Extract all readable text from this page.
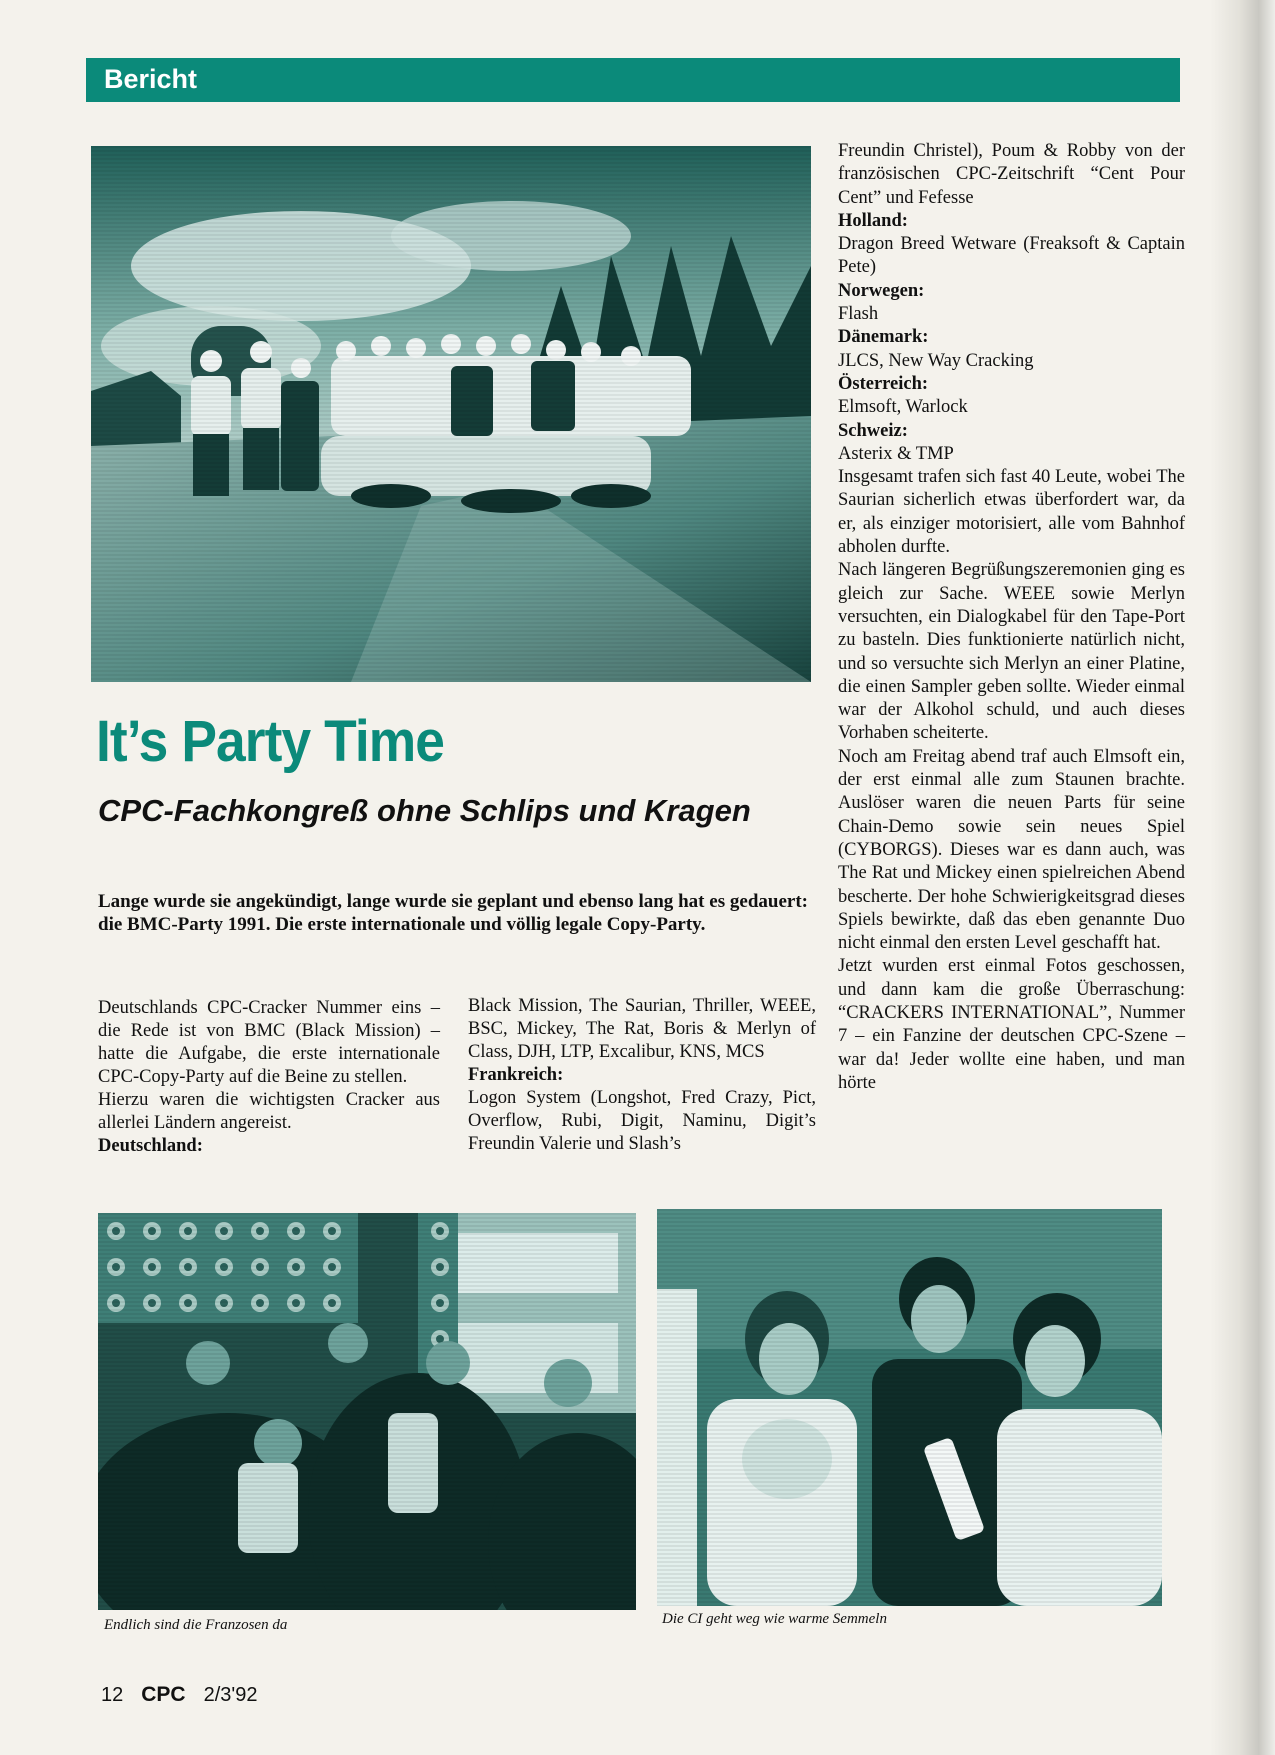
Bericht
It’s Party Time
CPC-Fachkongreß ohne Schlips und Kragen
Lange wurde sie angekündigt, lange wurde sie geplant und ebenso lang hat es gedauert: die BMC-Party 1991. Die erste internationale und völlig legale Copy-Party.

Deutschlands CPC-Cracker Nummer eins – die Rede ist von BMC (Black Mission) – hatte die Aufgabe, die erste internationale CPC-Copy-Party auf die Beine zu stellen.

Hierzu waren die wichtigsten Cracker aus allerlei Ländern angereist.

Deutschland:

Black Mission, The Saurian, Thriller, WEEE, BSC, Mickey, The Rat, Boris & Merlyn of Class, DJH, LTP, Excalibur, KNS, MCS

Frankreich:

Logon System (Longshot, Fred Crazy, Pict, Overflow, Rubi, Digit, Naminu, Digit’s Freundin Valerie und Slash’s

Freundin Christel), Poum & Robby von der französischen CPC-Zeitschrift “Cent Pour Cent” und Fefesse

Holland:

Dragon Breed Wetware (Freaksoft & Captain Pete)

Norwegen:

Flash

Dänemark:

JLCS, New Way Cracking

Österreich:

Elmsoft, Warlock

Schweiz:

Asterix & TMP

Insgesamt trafen sich fast 40 Leute, wobei The Saurian sicherlich etwas überfordert war, da er, als einziger motorisiert, alle vom Bahnhof abholen durfte.

Nach längeren Begrüßungszeremonien ging es gleich zur Sache. WEEE sowie Merlyn versuchten, ein Dialogkabel für den Tape-Port zu basteln. Dies funktionierte natürlich nicht, und so versuchte sich Merlyn an einer Platine, die einen Sampler geben sollte. Wieder einmal war der Alkohol schuld, und auch dieses Vorhaben scheiterte.

Noch am Freitag abend traf auch Elmsoft ein, der erst einmal alle zum Staunen brachte. Auslöser waren die neuen Parts für seine Chain-Demo sowie sein neues Spiel (CYBORGS). Dieses war es dann auch, was The Rat und Mickey einen spielreichen Abend bescherte. Der hohe Schwierigkeitsgrad dieses Spiels bewirkte, daß das eben genannte Duo nicht einmal den ersten Level geschafft hat.

Jetzt wurden erst einmal Fotos geschossen, und dann kam die große Überraschung: “CRACKERS INTERNATIONAL”, Nummer 7 – ein Fanzine der deutschen CPC-Szene – war da! Jeder wollte eine haben, und man hörte

Endlich sind die Franzosen da	Die CI geht weg wie warme Semmeln
12 CPC 2/3'92
